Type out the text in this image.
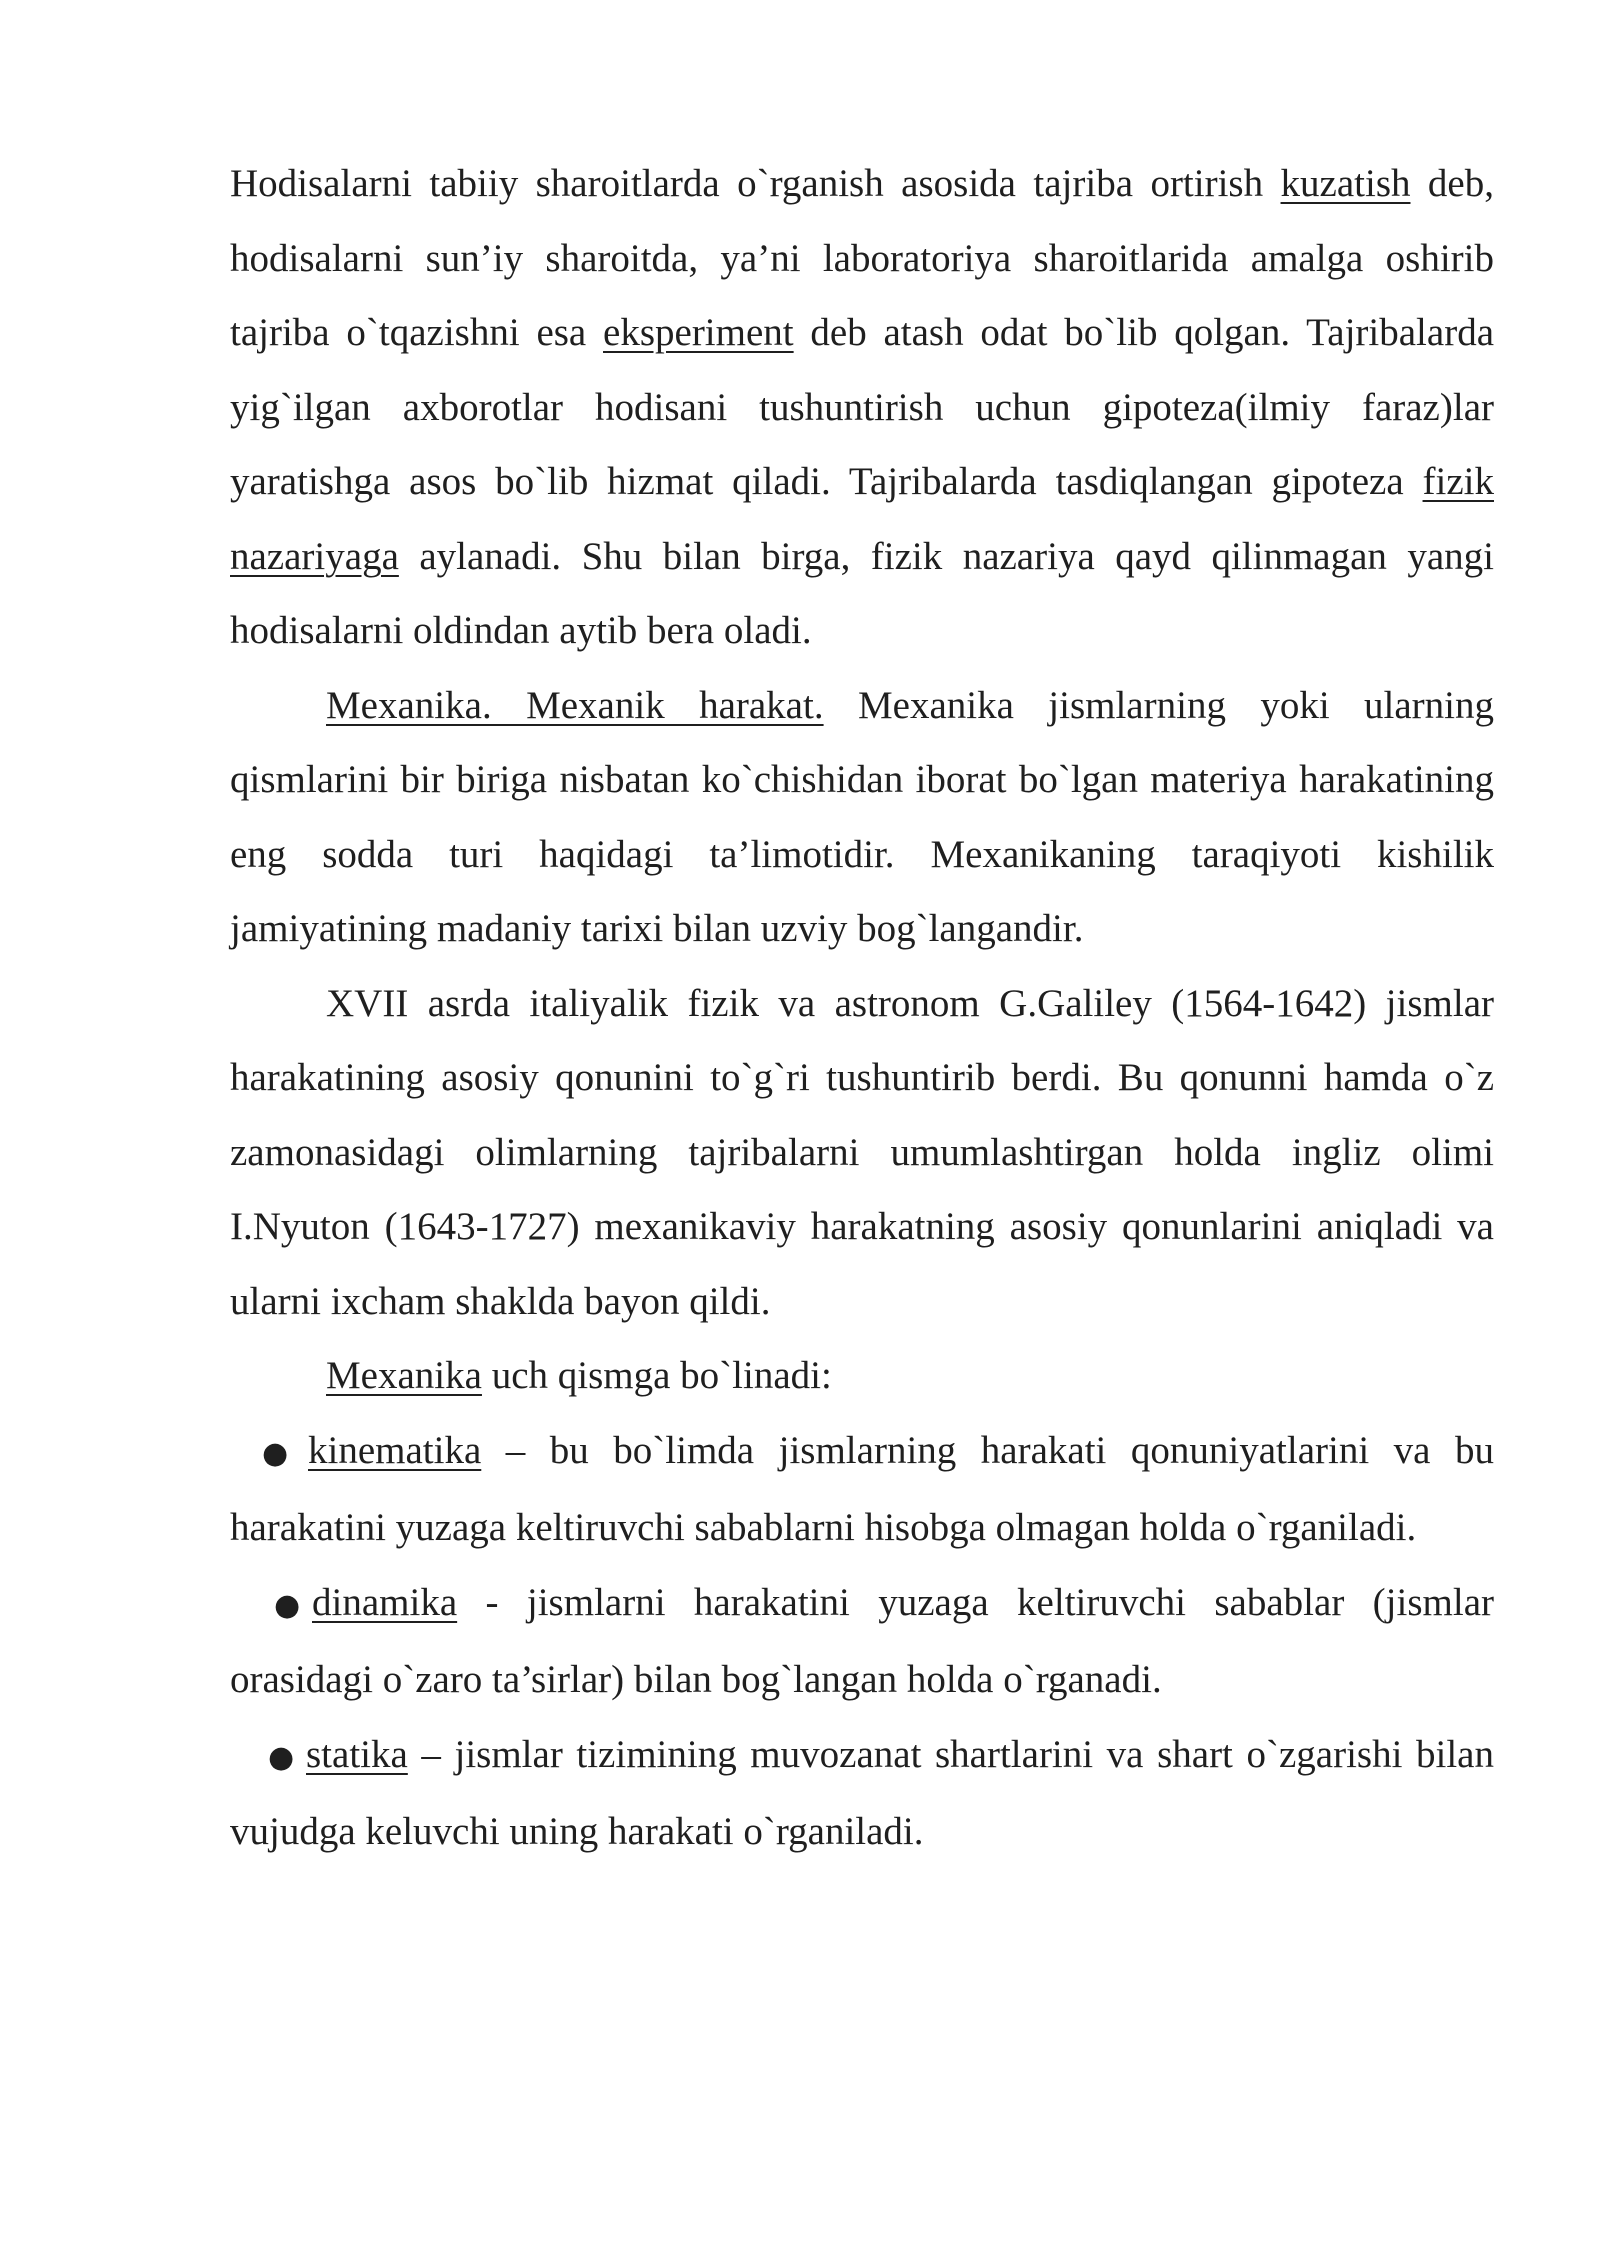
Hodisalarni tabiiy sharoitlarda o`rganish asosida tajriba ortirish kuzatish deb, hodisalarni sun’iy sharoitda, ya’ni laboratoriya sharoitlarida amalga oshirib tajriba o`tqazishni esa eksperiment deb atash odat bo`lib qolgan. Tajribalarda yig`ilgan axborotlar hodisani tushuntirish uchun gipoteza(ilmiy faraz)lar yaratishga asos bo`lib hizmat qiladi. Tajribalarda tasdiqlangan gipoteza fizik nazariyaga aylanadi. Shu bilan birga, fizik nazariya qayd qilinmagan yangi hodisalarni oldindan aytib bera oladi.

Mexanika. Mexanik harakat. Mexanika jismlarning yoki ularning qismlarini bir biriga nisbatan ko`chishidan iborat bo`lgan materiya harakatining eng sodda turi haqidagi ta’limotidir. Mexanikaning taraqiyoti kishilik jamiyatining madaniy tarixi bilan uzviy bog`langandir.

XVII asrda italiyalik fizik va astronom G.Galiley (1564-1642) jismlar harakatining asosiy qonunini to`g`ri tushuntirib berdi. Bu qonunni hamda o`z zamonasidagi olimlarning tajribalarni umumlashtirgan holda ingliz olimi I.Nyuton (1643-1727) mexanikaviy harakatning asosiy qonunlarini aniqladi va ularni ixcham shaklda bayon qildi.

Mexanika uch qismga bo`linadi:

● kinematika – bu bo`limda jismlarning harakati qonuniyatlarini va bu harakatini yuzaga keltiruvchi sabablarni hisobga olmagan holda o`rganiladi.

● dinamika - jismlarni harakatini yuzaga keltiruvchi sabablar (jismlar orasidagi o`zaro ta’sirlar) bilan bog`langan holda o`rganadi.

● statika – jismlar tizimining muvozanat shartlarini va shart o`zgarishi bilan vujudga keluvchi uning harakati o`rganiladi.
